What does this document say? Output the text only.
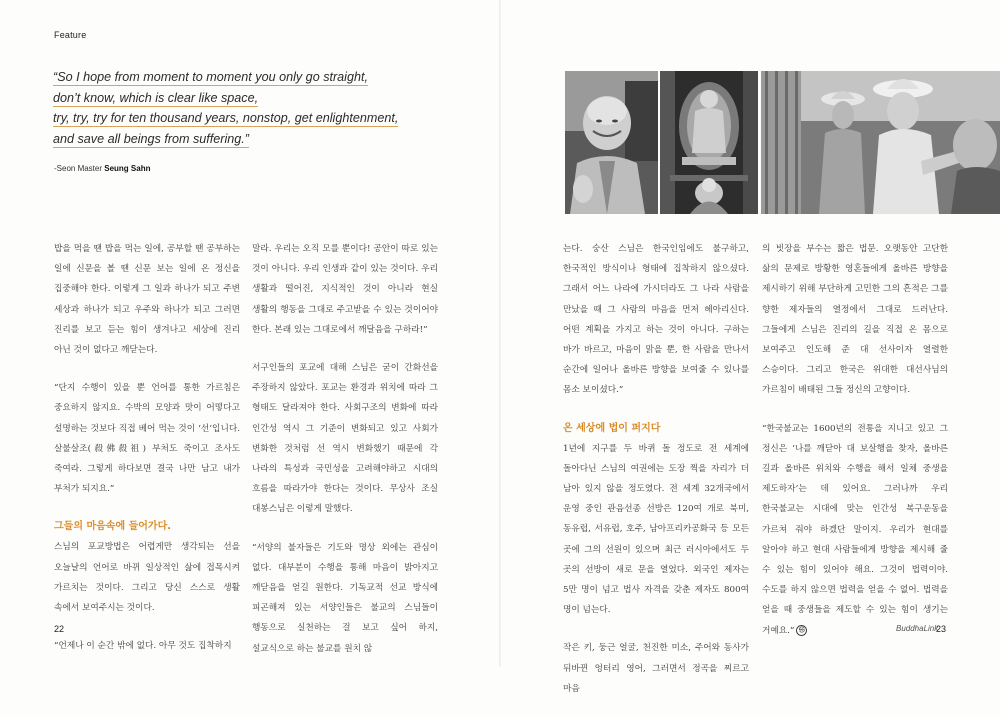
Feature
“So I hope from moment to moment you only go straight,
don’t know, which is clear like space,
try, try, try for ten thousand years, nonstop, get enlightenment,
and save all beings from suffering.”
-Seon Master Seung Sahn

밥을 먹을 땐 밥을 먹는 일에, 공부할 땐 공부하는 일에 신문을 볼 땐 신문 보는 일에 온 정신을 집중해야 한다. 이렇게 그 일과 하나가 되고 주변 세상과 하나가 되고 우주와 하나가 되고 그러면 진리를 보고 듣는 힘이 생겨나고 세상에 진리 아닌 것이 없다고 깨닫는다.

“단지 수행이 있을 뿐 언어를 통한 가르침은 중요하지 않지요. 수박의 모양과 맛이 어떻다고 설명하는 것보다 직접 베어 먹는 것이 ‘선’입니다. 살불살조(殺佛殺祖) 부처도 죽이고 조사도 죽여라. 그렇게 하다보면 결국 나만 남고 내가 부처가 되지요.”

그들의 마음속에 들어가다.

스님의 포교방법은 어렵게만 생각되는 선을 오늘날의 언어로 바뀌 일상적인 삶에 접목시켜 가르치는 것이다. 그리고 당신 스스로 생활 속에서 보여주시는 것이다.

“언제나 이 순간 밖에 없다. 아무 것도 집착하지

말라. 우리는 오직 모를 뿐이다! 공안이 따로 있는 것이 아니다. 우리 인생과 같이 있는 것이다. 우리 생활과 떨어진, 지식적인 것이 아니라 현실 생활의 행동을 그대로 주고받을 수 있는 것이어야 한다. 본래 있는 그대로에서 깨달음을 구하라!”

서구인들의 포교에 대해 스님은 굳이 간화선을 주장하지 않았다. 포교는 환경과 위치에 따라 그 형태도 달라져야 한다. 사회구조의 변화에 따라 인간성 역시 그 기준이 변화되고 있고 사회가 변화한 것처럼 선 역시 변화했기 때문에 각 나라의 특성과 국민성을 고려해야하고 시대의 흐름을 따라가야 한다는 것이다. 무상사 조실 대봉스님은 이렇게 말했다.

“서양의 불자들은 기도와 명상 외에는 관심이 없다. 대부분이 수행을 통해 마음이 밝아지고 깨닫음을 얻길 원한다. 기독교적 선교 방식에 피곤해져 있는 서양인들은 불교의 스님들이 행동으로 실천하는 걸 보고 싶어 하지, 설교식으로 하는 불교를 원치 않

는다. 숭산 스님은 한국인임에도 불구하고, 한국적인 방식이나 형태에 집착하지 않으셨다. 그래서 어느 나라에 가시더라도 그 나라 사람을 만났을 때 그 사람의 마음을 먼저 헤아리신다. 어떤 계획을 가지고 하는 것이 아니다. 구하는 바가 바르고, 마음이 맑을 뿐, 한 사람을 만나서 순간에 일어나 올바른 방향을 보여줄 수 있나를 몸소 보이셨다.”

온 세상에 법이 퍼지다

1년에 지구를 두 바퀴 돌 정도로 전 세계에 돌아다닌 스님의 여권에는 도장 찍을 자리가 더 남아 있지 않을 정도였다. 전 세계 32개국에서 운영 중인 관음선종 선방은 120여 개로 북미, 동유럽, 서유럽, 호주, 남아프리카공화국 등 모든 곳에 그의 선원이 있으며 최근 러시아에서도 두 곳의 선방이 새로 문을 열었다. 외국인 제자는 5만 명이 넘고 법사 자격을 갖춘 제자도 800여 명이 넘는다.

작은 키, 둥근 얼굴, 천진한 미소, 주어와 동사가 뒤바뀐 엉터리 영어, 그러면서 정곡을 찌르고 마음

의 빗장을 부수는 짧은 법문. 오랫동안 고단한 삶의 문제로 방황한 영혼들에게 올바른 방향을 제시하기 위해 부단하게 고민한 그의 흔적은 그를 향한 제자들의 열정에서 그대로 드러난다. 그들에게 스님은 진리의 길을 직접 온 몸으로 보여주고 인도해 준 대 선사이자 열렬한 스승이다. 그리고 한국은 위대한 대선사님의 가르침이 배태된 그들 정신의 고향이다.

“한국불교는 1600년의 전통을 지니고 있고 그 정신은 ‘나를 깨닫아 대 보살행을 찾자, 올바른 길과 올바른 위치와 수행을 해서 일체 중생을 제도하자’는 데 있어요. 그러나까 우리 한국불교는 시대에 맞는 인간성 복구운동을 가르쳐 줘야 하겠단 말이지. 우리가 현대를 알아야 하고 현대 사람들에게 방향을 제시해 줄 수 있는 힘이 있어야 해요. 그것이 법력이야. 수도를 하지 않으면 법력을 얻을 수 없어. 법력을 얻을 때 중생들을 제도할 수 있는 힘이 생기는 거예요.” ㉿

22	BuddhaLink
23
